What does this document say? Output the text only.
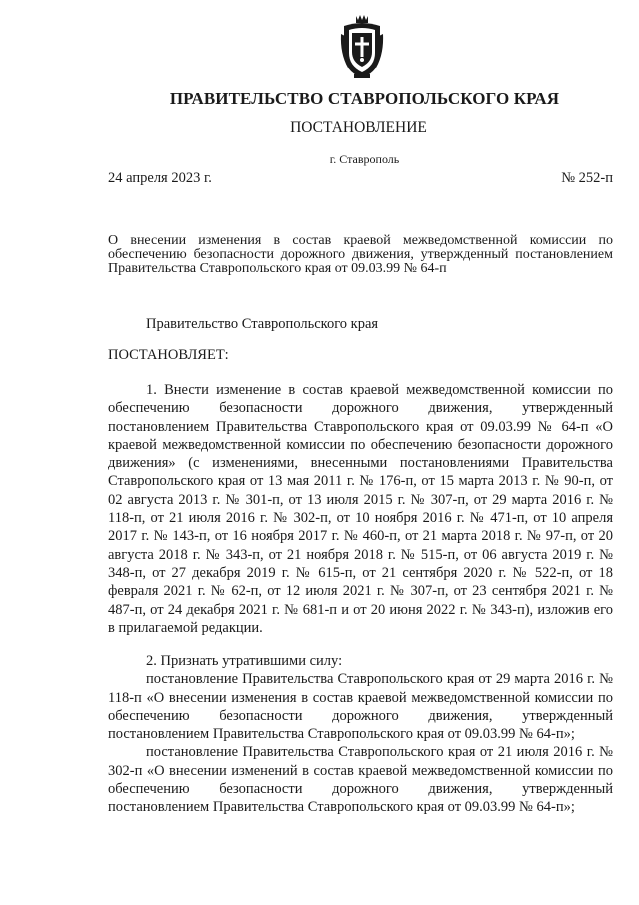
ПРАВИТЕЛЬСТВО СТАВРОПОЛЬСКОГО КРАЯ
ПОСТАНОВЛЕНИЕ
г. Ставрополь
24 апреля 2023 г.	№ 252-п
О внесении изменения в состав краевой межведомственной комиссии по обеспечению безопасности дорожного движения, утвержденный постановлением Правительства Ставропольского края от 09.03.99 № 64-п
Правительство Ставропольского края
ПОСТАНОВЛЯЕТ:

1. Внести изменение в состав краевой межведомственной комиссии по обеспечению безопасности дорожного движения, утвержденный постановлением Правительства Ставропольского края от 09.03.99 № 64-п «О краевой межведомственной комиссии по обеспечению безопасности дорожного движения» (с изменениями, внесенными постановлениями Правительства Ставропольского края от 13 мая 2011 г. № 176-п, от 15 марта 2013 г. № 90-п, от 02 августа 2013 г. № 301-п, от 13 июля 2015 г. № 307-п, от 29 марта 2016 г. № 118-п, от 21 июля 2016 г. № 302-п, от 10 ноября 2016 г. № 471-п, от 10 апреля 2017 г. № 143-п, от 16 ноября 2017 г. № 460-п, от 21 марта 2018 г. № 97-п, от 20 августа 2018 г. № 343-п, от 21 ноября 2018 г. № 515-п, от 06 августа 2019 г. № 348-п, от 27 декабря 2019 г. № 615-п, от 21 сентября 2020 г. № 522-п, от 18 февраля 2021 г. № 62-п, от 12 июля 2021 г. № 307-п, от 23 сентября 2021 г. № 487-п, от 24 декабря 2021 г. № 681-п и от 20 июня 2022 г. № 343-п), изложив его в прилагаемой редакции.

2. Признать утратившими силу:

постановление Правительства Ставропольского края от 29 марта 2016 г. № 118-п «О внесении изменения в состав краевой межведомственной комиссии по обеспечению безопасности дорожного движения, утвержденный постановлением Правительства Ставропольского края от 09.03.99 № 64-п»;

постановление Правительства Ставропольского края от 21 июля 2016 г. № 302-п «О внесении изменений в состав краевой межведомственной комиссии по обеспечению безопасности дорожного движения, утвержденный постановлением Правительства Ставропольского края от 09.03.99 № 64-п»;
